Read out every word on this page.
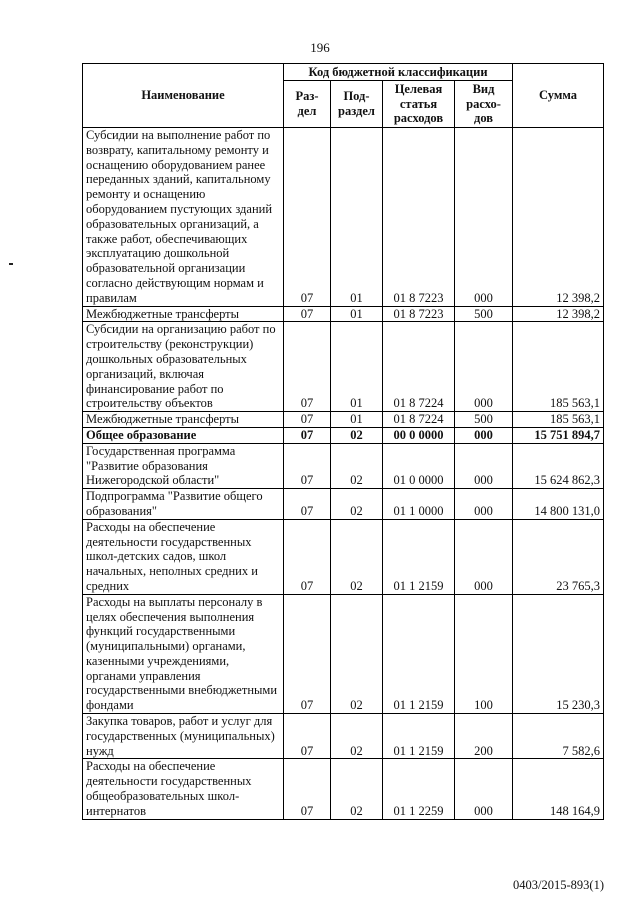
196
Наименование	Код бюджетной классификации				Сумма
	Раз-дел	Под-раздел	Целевая статья расходов	Вид расхо-дов	
Субсидии на выполнение работ по возврату, капитальному ремонту и оснащению оборудованием ранее переданных зданий, капитальному ремонту и оснащению оборудованием пустующих зданий образовательных организаций, а также работ, обеспечивающих эксплуатацию дошкольной образовательной организации согласно действующим нормам и правилам	07	01	01 8 7223	000	12 398,2
Межбюджетные трансферты	07	01	01 8 7223	500	12 398,2
Субсидии на организацию работ по строительству (реконструкции) дошкольных образовательных организаций, включая финансирование работ по строительству объектов	07	01	01 8 7224	000	185 563,1
Межбюджетные трансферты	07	01	01 8 7224	500	185 563,1
Общее образование	07	02	00 0 0000	000	15 751 894,7
Государственная программа "Развитие образования Нижегородской области"	07	02	01 0 0000	000	15 624 862,3
Подпрограмма "Развитие общего образования"	07	02	01 1 0000	000	14 800 131,0
Расходы на обеспечение деятельности государственных школ-детских садов, школ начальных, неполных средних и средних	07	02	01 1 2159	000	23 765,3
Расходы на выплаты персоналу в целях обеспечения выполнения функций государственными (муниципальными) органами, казенными учреждениями, органами управления государственными внебюджетными фондами	07	02	01 1 2159	100	15 230,3
Закупка товаров, работ и услуг для государственных (муниципальных) нужд	07	02	01 1 2159	200	7 582,6
Расходы на обеспечение деятельности государственных общеобразовательных школ-интернатов	07	02	01 1 2259	000	148 164,9
0403/2015-893(1)
